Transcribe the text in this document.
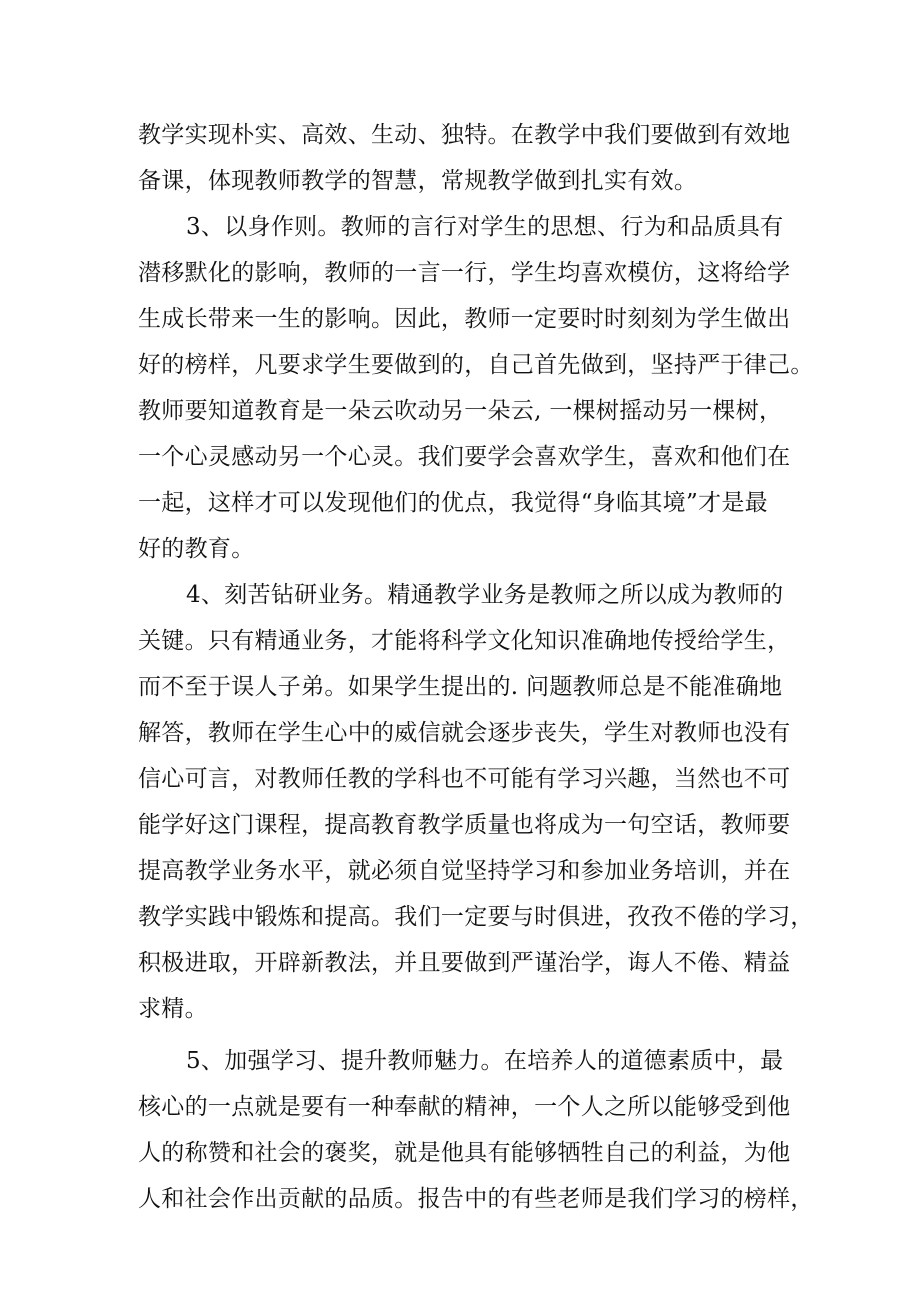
教学实现朴实、高效、生动、独特。在教学中我们要做到有效地
备课，体现教师教学的智慧，常规教学做到扎实有效。
3、以身作则。教师的言行对学生的思想、行为和品质具有
潜移默化的影响，教师的一言一行，学生均喜欢模仿，这将给学
生成长带来一生的影响。因此，教师一定要时时刻刻为学生做出
好的榜样，凡要求学生要做到的，自己首先做到，坚持严于律己。
教师要知道教育是一朵云吹动另一朵云, 一棵树摇动另一棵树，
一个心灵感动另一个心灵。我们要学会喜欢学生，喜欢和他们在
一起，这样才可以发现他们的优点，我觉得“身临其境”才是最
好的教育。
4、刻苦钻研业务。精通教学业务是教师之所以成为教师的
关键。只有精通业务，才能将科学文化知识准确地传授给学生，
而不至于误人子弟。如果学生提出的. 问题教师总是不能准确地
解答，教师在学生心中的威信就会逐步丧失，学生对教师也没有
信心可言，对教师任教的学科也不可能有学习兴趣，当然也不可
能学好这门课程，提高教育教学质量也将成为一句空话，教师要
提高教学业务水平，就必须自觉坚持学习和参加业务培训，并在
教学实践中锻炼和提高。我们一定要与时俱进，孜孜不倦的学习，
积极进取，开辟新教法，并且要做到严谨治学，诲人不倦、精益
求精。
5、加强学习、提升教师魅力。在培养人的道德素质中，最
核心的一点就是要有一种奉献的精神，一个人之所以能够受到他
人的称赞和社会的褒奖，就是他具有能够牺牲自己的利益，为他
人和社会作出贡献的品质。报告中的有些老师是我们学习的榜样，
